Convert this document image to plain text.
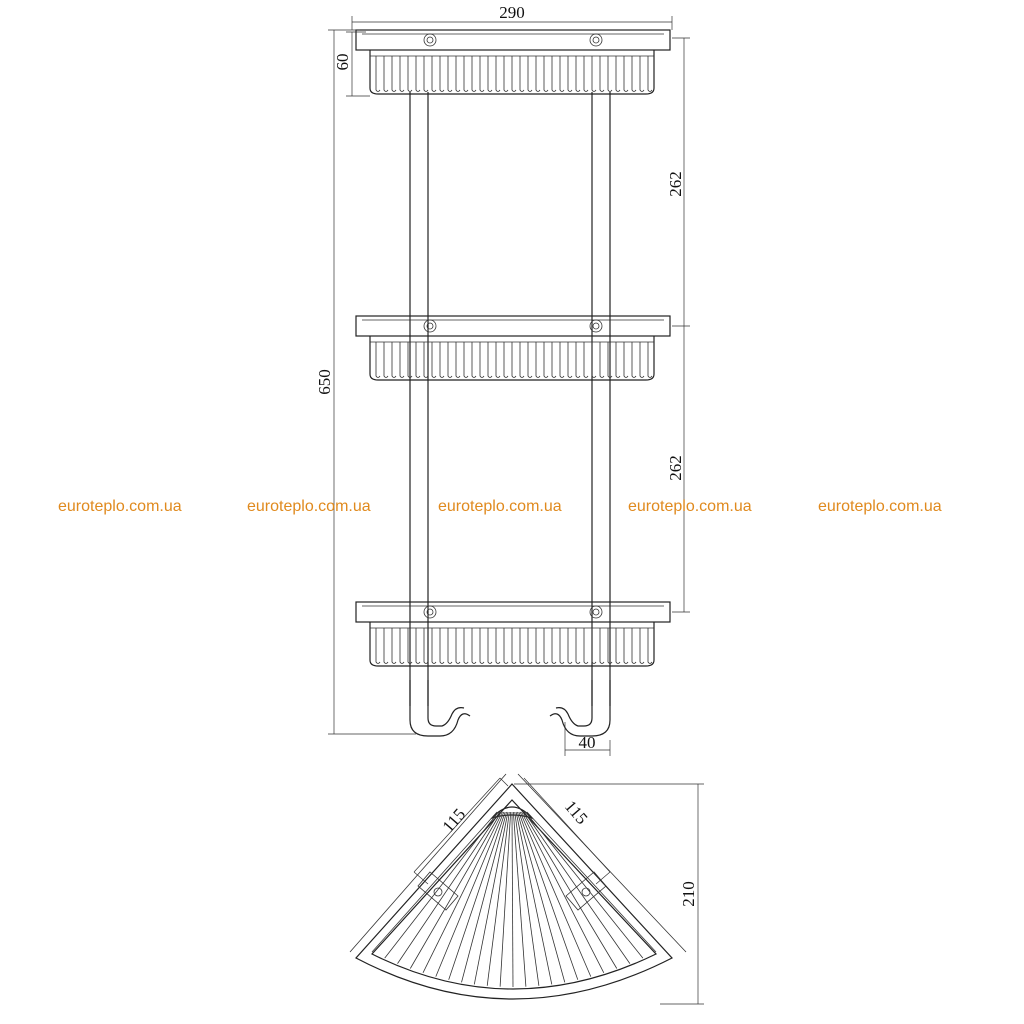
290
60
650
262
262
40
115	115
210
euroteplo.com.ua	euroteplo.com.ua	euroteplo.com.ua	euroteplo.com.ua	euroteplo.com.ua
